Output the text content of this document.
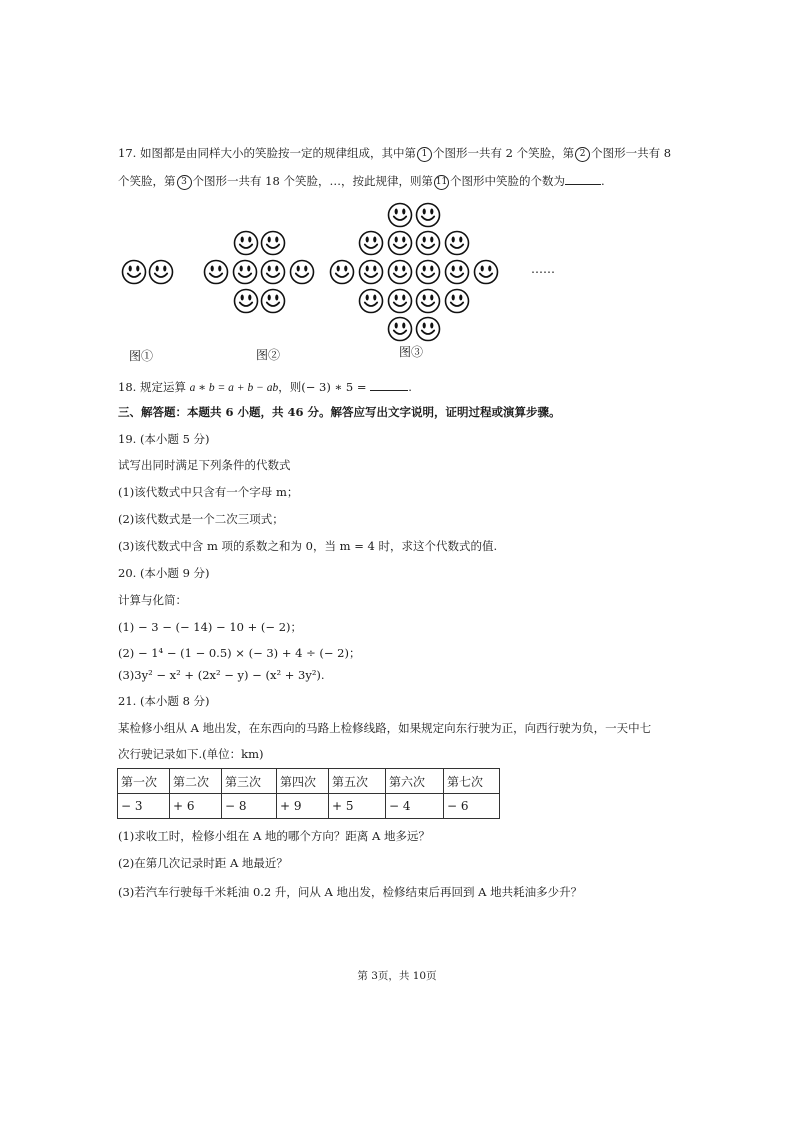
17. 如图都是由同样大小的笑脸按一定的规律组成，其中第 1 个图形一共有 2 个笑脸，第 2 个图形一共有 8
个笑脸，第 3 个图形一共有 18 个笑脸，…，按此规律，则第 11 个图形中笑脸的个数为	.
图①	图②	图③
……
18. 规定运算 a ∗ b = a + b − ab，则(− 3) ∗ 5 =	.
三、解答题：本题共 6 小题，共 46 分。解答应写出文字说明，证明过程或演算步骤。
19. (本小题 5 分)
试写出同时满足下列条件的代数式
(1)该代数式中只含有一个字母 m；
(2)该代数式是一个二次三项式；
(3)该代数式中含 m 项的系数之和为 0，当 m = 4 时，求这个代数式的值.
20. (本小题 9 分)
计算与化简：
(1) − 3 − (− 14) − 10 + (− 2)；
(2) − 1⁴ − (1 − 0.5) × (− 3) + 4 ÷ (− 2)；
(3)3y² − x² + (2x² − y) − (x² + 3y²).
21. (本小题 8 分)
某检修小组从 A 地出发，在东西向的马路上检修线路，如果规定向东行驶为正，向西行驶为负，一天中七
次行驶记录如下.(单位：km)
第一次	第二次	第三次	第四次	第五次	第六次	第七次
− 3	+ 6	− 8	+ 9	+ 5	− 4	− 6
(1)求收工时，检修小组在 A 地的哪个方向？距离 A 地多远？
(2)在第几次记录时距 A 地最近？
(3)若汽车行驶每千米耗油 0.2 升，问从 A 地出发，检修结束后再回到 A 地共耗油多少升？
第 3页，共 10页
